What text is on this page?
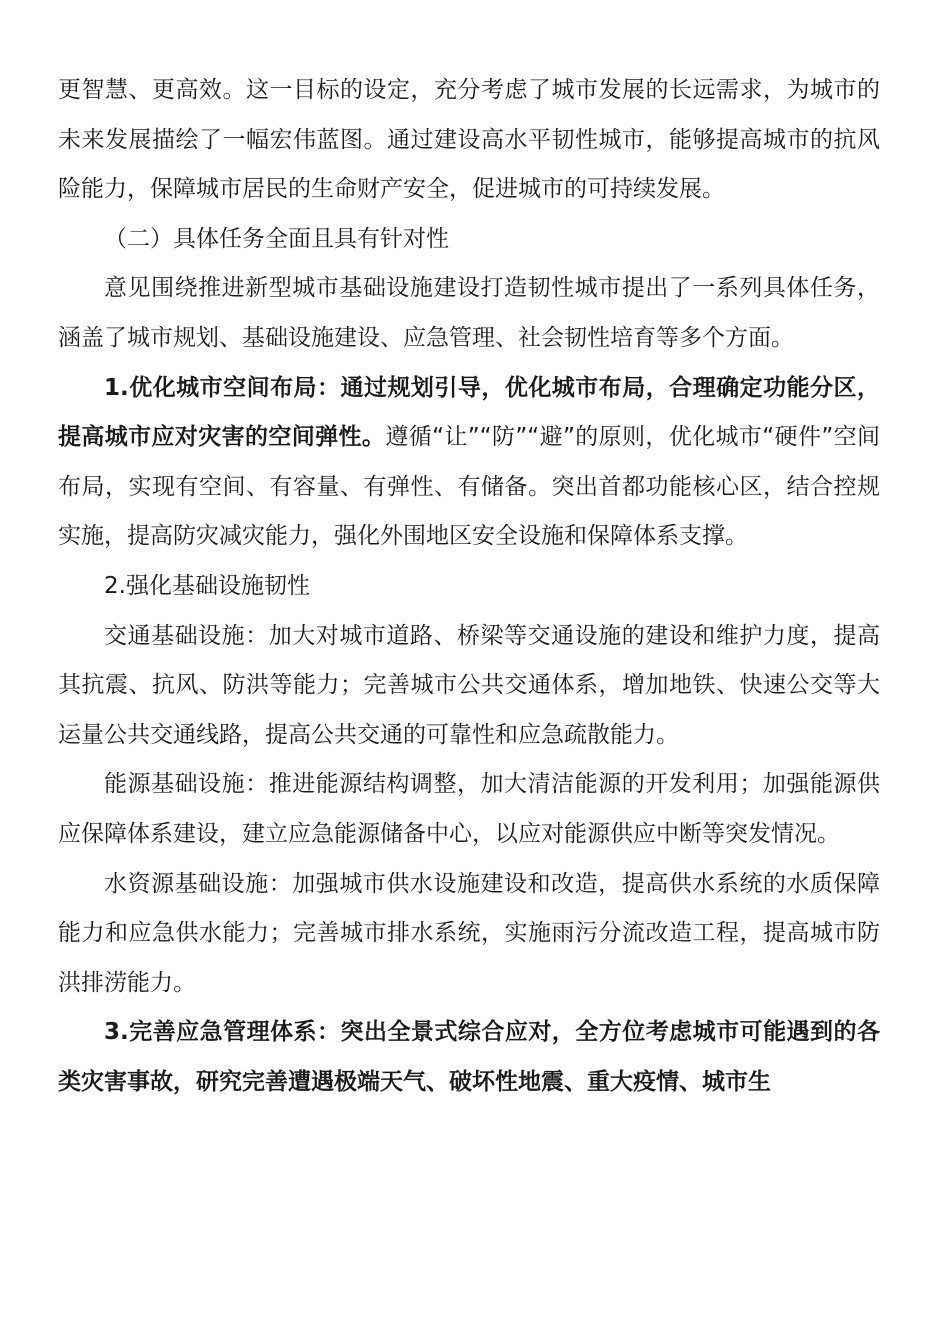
更智慧、更高效。这一目标的设定，充分考虑了城市发展的长远需求，为城市的未来发展描绘了一幅宏伟蓝图。通过建设高水平韧性城市，能够提高城市的抗风险能力，保障城市居民的生命财产安全，促进城市的可持续发展。

（二）具体任务全面且具有针对性

意见围绕推进新型城市基础设施建设打造韧性城市提出了一系列具体任务，涵盖了城市规划、基础设施建设、应急管理、社会韧性培育等多个方面。

1.优化城市空间布局：通过规划引导，优化城市布局，合理确定功能分区，提高城市应对灾害的空间弹性。遵循“让”“防”“避”的原则，优化城市“硬件”空间布局，实现有空间、有容量、有弹性、有储备。突出首都功能核心区，结合控规实施，提高防灾减灾能力，强化外围地区安全设施和保障体系支撑。

2.强化基础设施韧性

交通基础设施：加大对城市道路、桥梁等交通设施的建设和维护力度，提高其抗震、抗风、防洪等能力；完善城市公共交通体系，增加地铁、快速公交等大运量公共交通线路，提高公共交通的可靠性和应急疏散能力。

能源基础设施：推进能源结构调整，加大清洁能源的开发利用；加强能源供应保障体系建设，建立应急能源储备中心，以应对能源供应中断等突发情况。

水资源基础设施：加强城市供水设施建设和改造，提高供水系统的水质保障能力和应急供水能力；完善城市排水系统，实施雨污分流改造工程，提高城市防洪排涝能力。

3.完善应急管理体系：突出全景式综合应对，全方位考虑城市可能遇到的各类灾害事故，研究完善遭遇极端天气、破坏性地震、重大疫情、城市生
